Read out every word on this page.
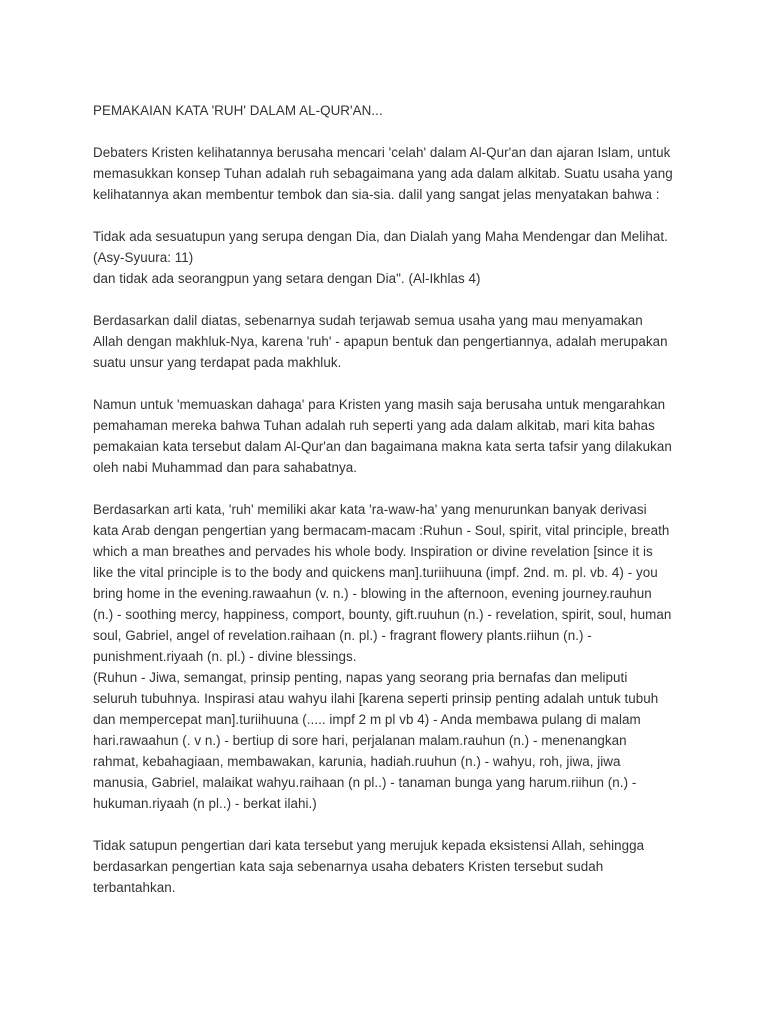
PEMAKAIAN KATA 'RUH' DALAM AL-QUR'AN...
Debaters Kristen kelihatannya berusaha mencari 'celah' dalam Al-Qur'an dan ajaran Islam, untuk
memasukkan konsep Tuhan adalah ruh sebagaimana yang ada dalam alkitab. Suatu usaha yang
kelihatannya akan membentur tembok dan sia-sia. dalil yang sangat jelas menyatakan bahwa :
Tidak ada sesuatupun yang serupa dengan Dia, dan Dialah yang Maha Mendengar dan Melihat.
(Asy-Syuura: 11)
dan tidak ada seorangpun yang setara dengan Dia". (Al-Ikhlas 4)
Berdasarkan dalil diatas, sebenarnya sudah terjawab semua usaha yang mau menyamakan
Allah dengan makhluk-Nya, karena 'ruh' - apapun bentuk dan pengertiannya, adalah merupakan
suatu unsur yang terdapat pada makhluk.
Namun untuk 'memuaskan dahaga' para Kristen yang masih saja berusaha untuk mengarahkan
pemahaman mereka bahwa Tuhan adalah ruh seperti yang ada dalam alkitab, mari kita bahas
pemakaian kata tersebut dalam Al-Qur'an dan bagaimana makna kata serta tafsir yang dilakukan
oleh nabi Muhammad dan para sahabatnya.
Berdasarkan arti kata, 'ruh' memiliki akar kata 'ra-waw-ha' yang menurunkan banyak derivasi
kata Arab dengan pengertian yang bermacam-macam :Ruhun - Soul, spirit, vital principle, breath
which a man breathes and pervades his whole body. Inspiration or divine revelation [since it is
like the vital principle is to the body and quickens man].turiihuuna (impf. 2nd. m. pl. vb. 4) - you
bring home in the evening.rawaahun (v. n.) - blowing in the afternoon, evening journey.rauhun
(n.) - soothing mercy, happiness, comport, bounty, gift.ruuhun (n.) - revelation, spirit, soul, human
soul, Gabriel, angel of revelation.raihaan (n. pl.) - fragrant flowery plants.riihun (n.) -
punishment.riyaah (n. pl.) - divine blessings.
(Ruhun - Jiwa, semangat, prinsip penting, napas yang seorang pria bernafas dan meliputi
seluruh tubuhnya. Inspirasi atau wahyu ilahi [karena seperti prinsip penting adalah untuk tubuh
dan mempercepat man].turiihuuna (..... impf 2 m pl vb 4) - Anda membawa pulang di malam
hari.rawaahun (. v n.) - bertiup di sore hari, perjalanan malam.rauhun (n.) - menenangkan
rahmat, kebahagiaan, membawakan, karunia, hadiah.ruuhun (n.) - wahyu, roh, jiwa, jiwa
manusia, Gabriel, malaikat wahyu.raihaan (n pl..) - tanaman bunga yang harum.riihun (n.) -
hukuman.riyaah (n pl..) - berkat ilahi.)
Tidak satupun pengertian dari kata tersebut yang merujuk kepada eksistensi Allah, sehingga
berdasarkan pengertian kata saja sebenarnya usaha debaters Kristen tersebut sudah
terbantahkan.
